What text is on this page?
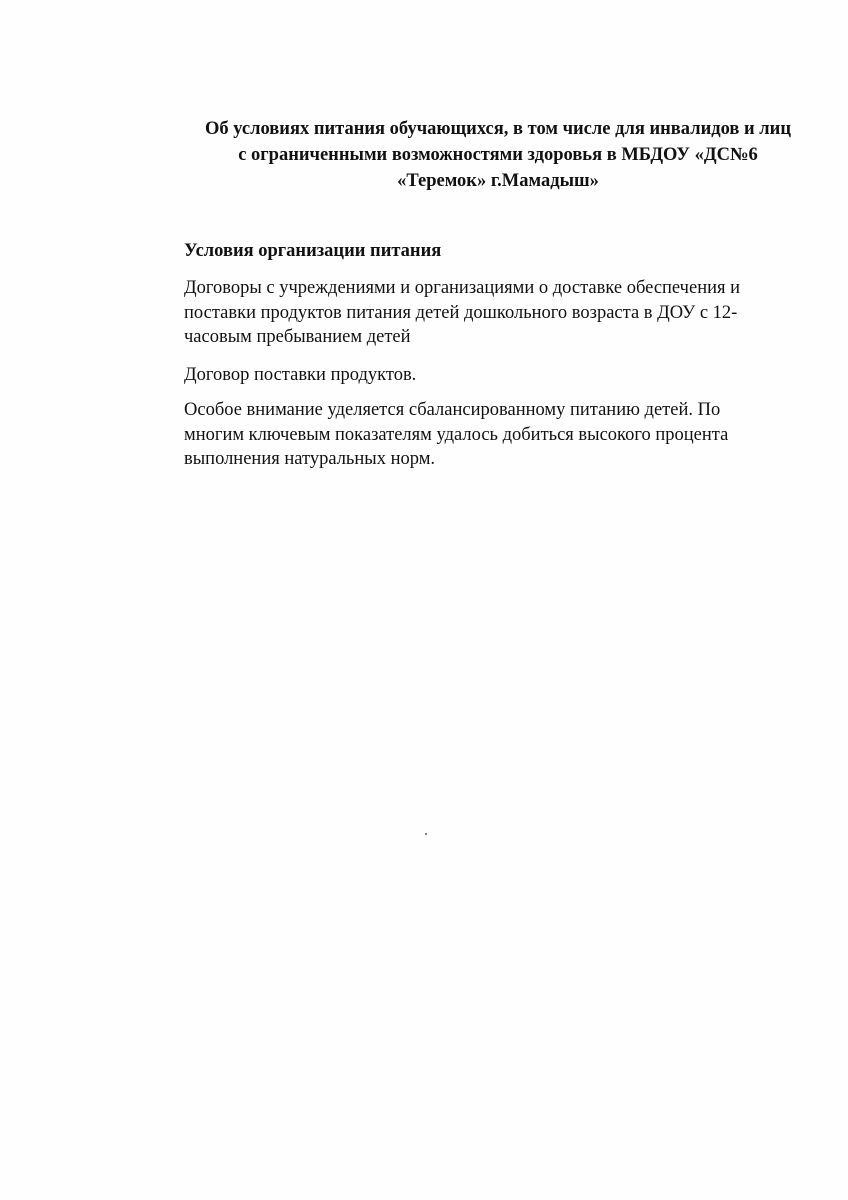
Об условиях питания обучающихся, в том числе для инвалидов и лиц
с ограниченными возможностями здоровья в МБДОУ «ДС№6
«Теремок» г.Мамадыш»
Условия организации питания

Договоры с учреждениями и организациями о доставке обеспечения и
поставки продуктов питания детей дошкольного возраста в ДОУ с 12-
часовым пребыванием детей

Договор поставки продуктов.

Особое внимание уделяется сбалансированному питанию детей. По
многим ключевым показателям удалось добиться высокого процента
выполнения натуральных норм.
